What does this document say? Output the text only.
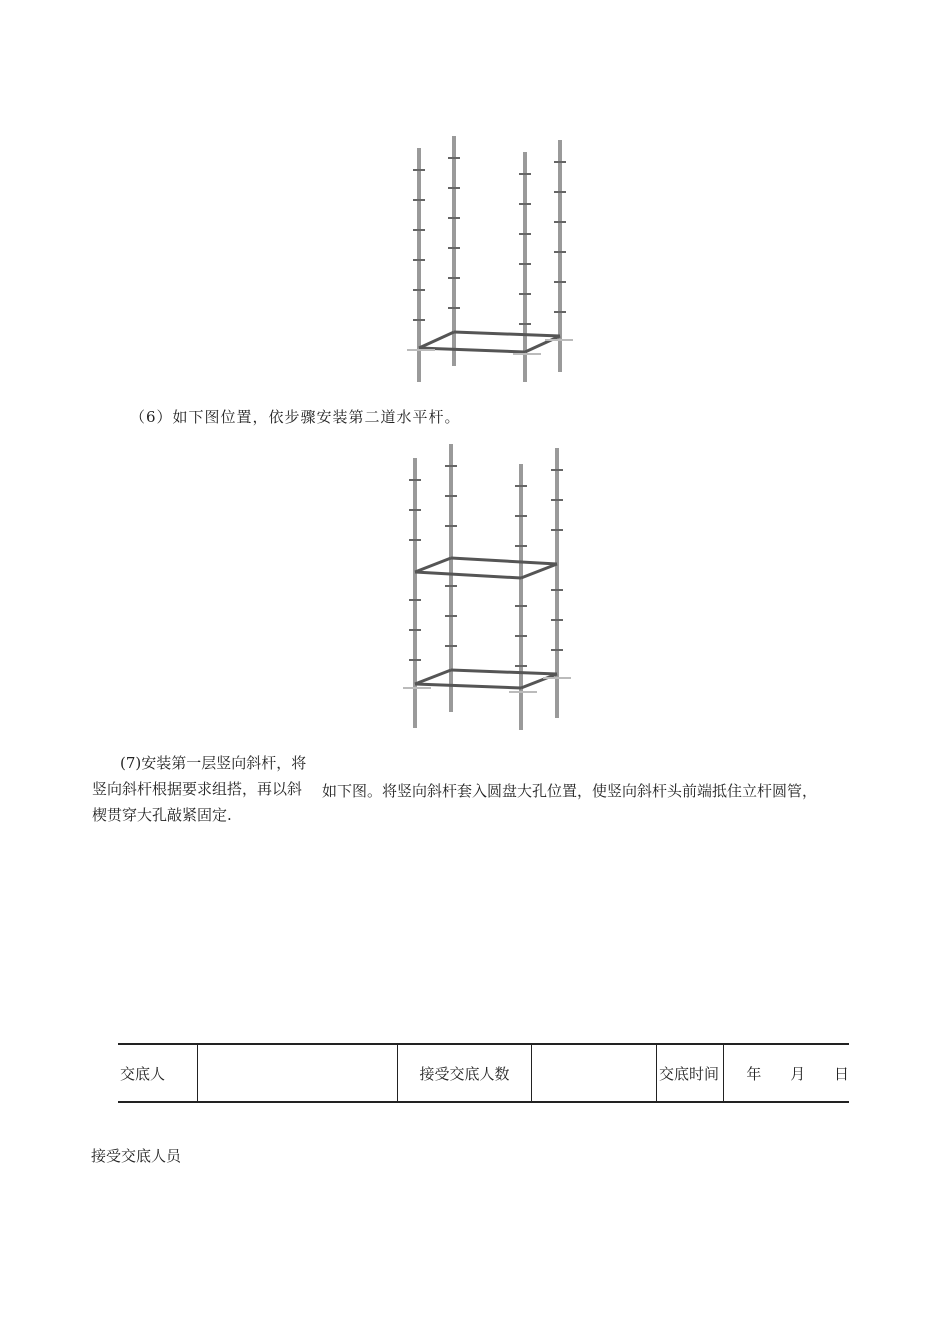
（6）如下图位置，依步骤安装第二道水平杆。
(7)安装第一层竖向斜杆，将
竖向斜杆根据要求组搭，再以斜 如下图。将竖向斜杆套入圆盘大孔位置，使竖向斜杆头前端抵住立杆圆管，
楔贯穿大孔敲紧固定.
交底人		接受交底人数		交底时间	年 月 日
接受交底人员
